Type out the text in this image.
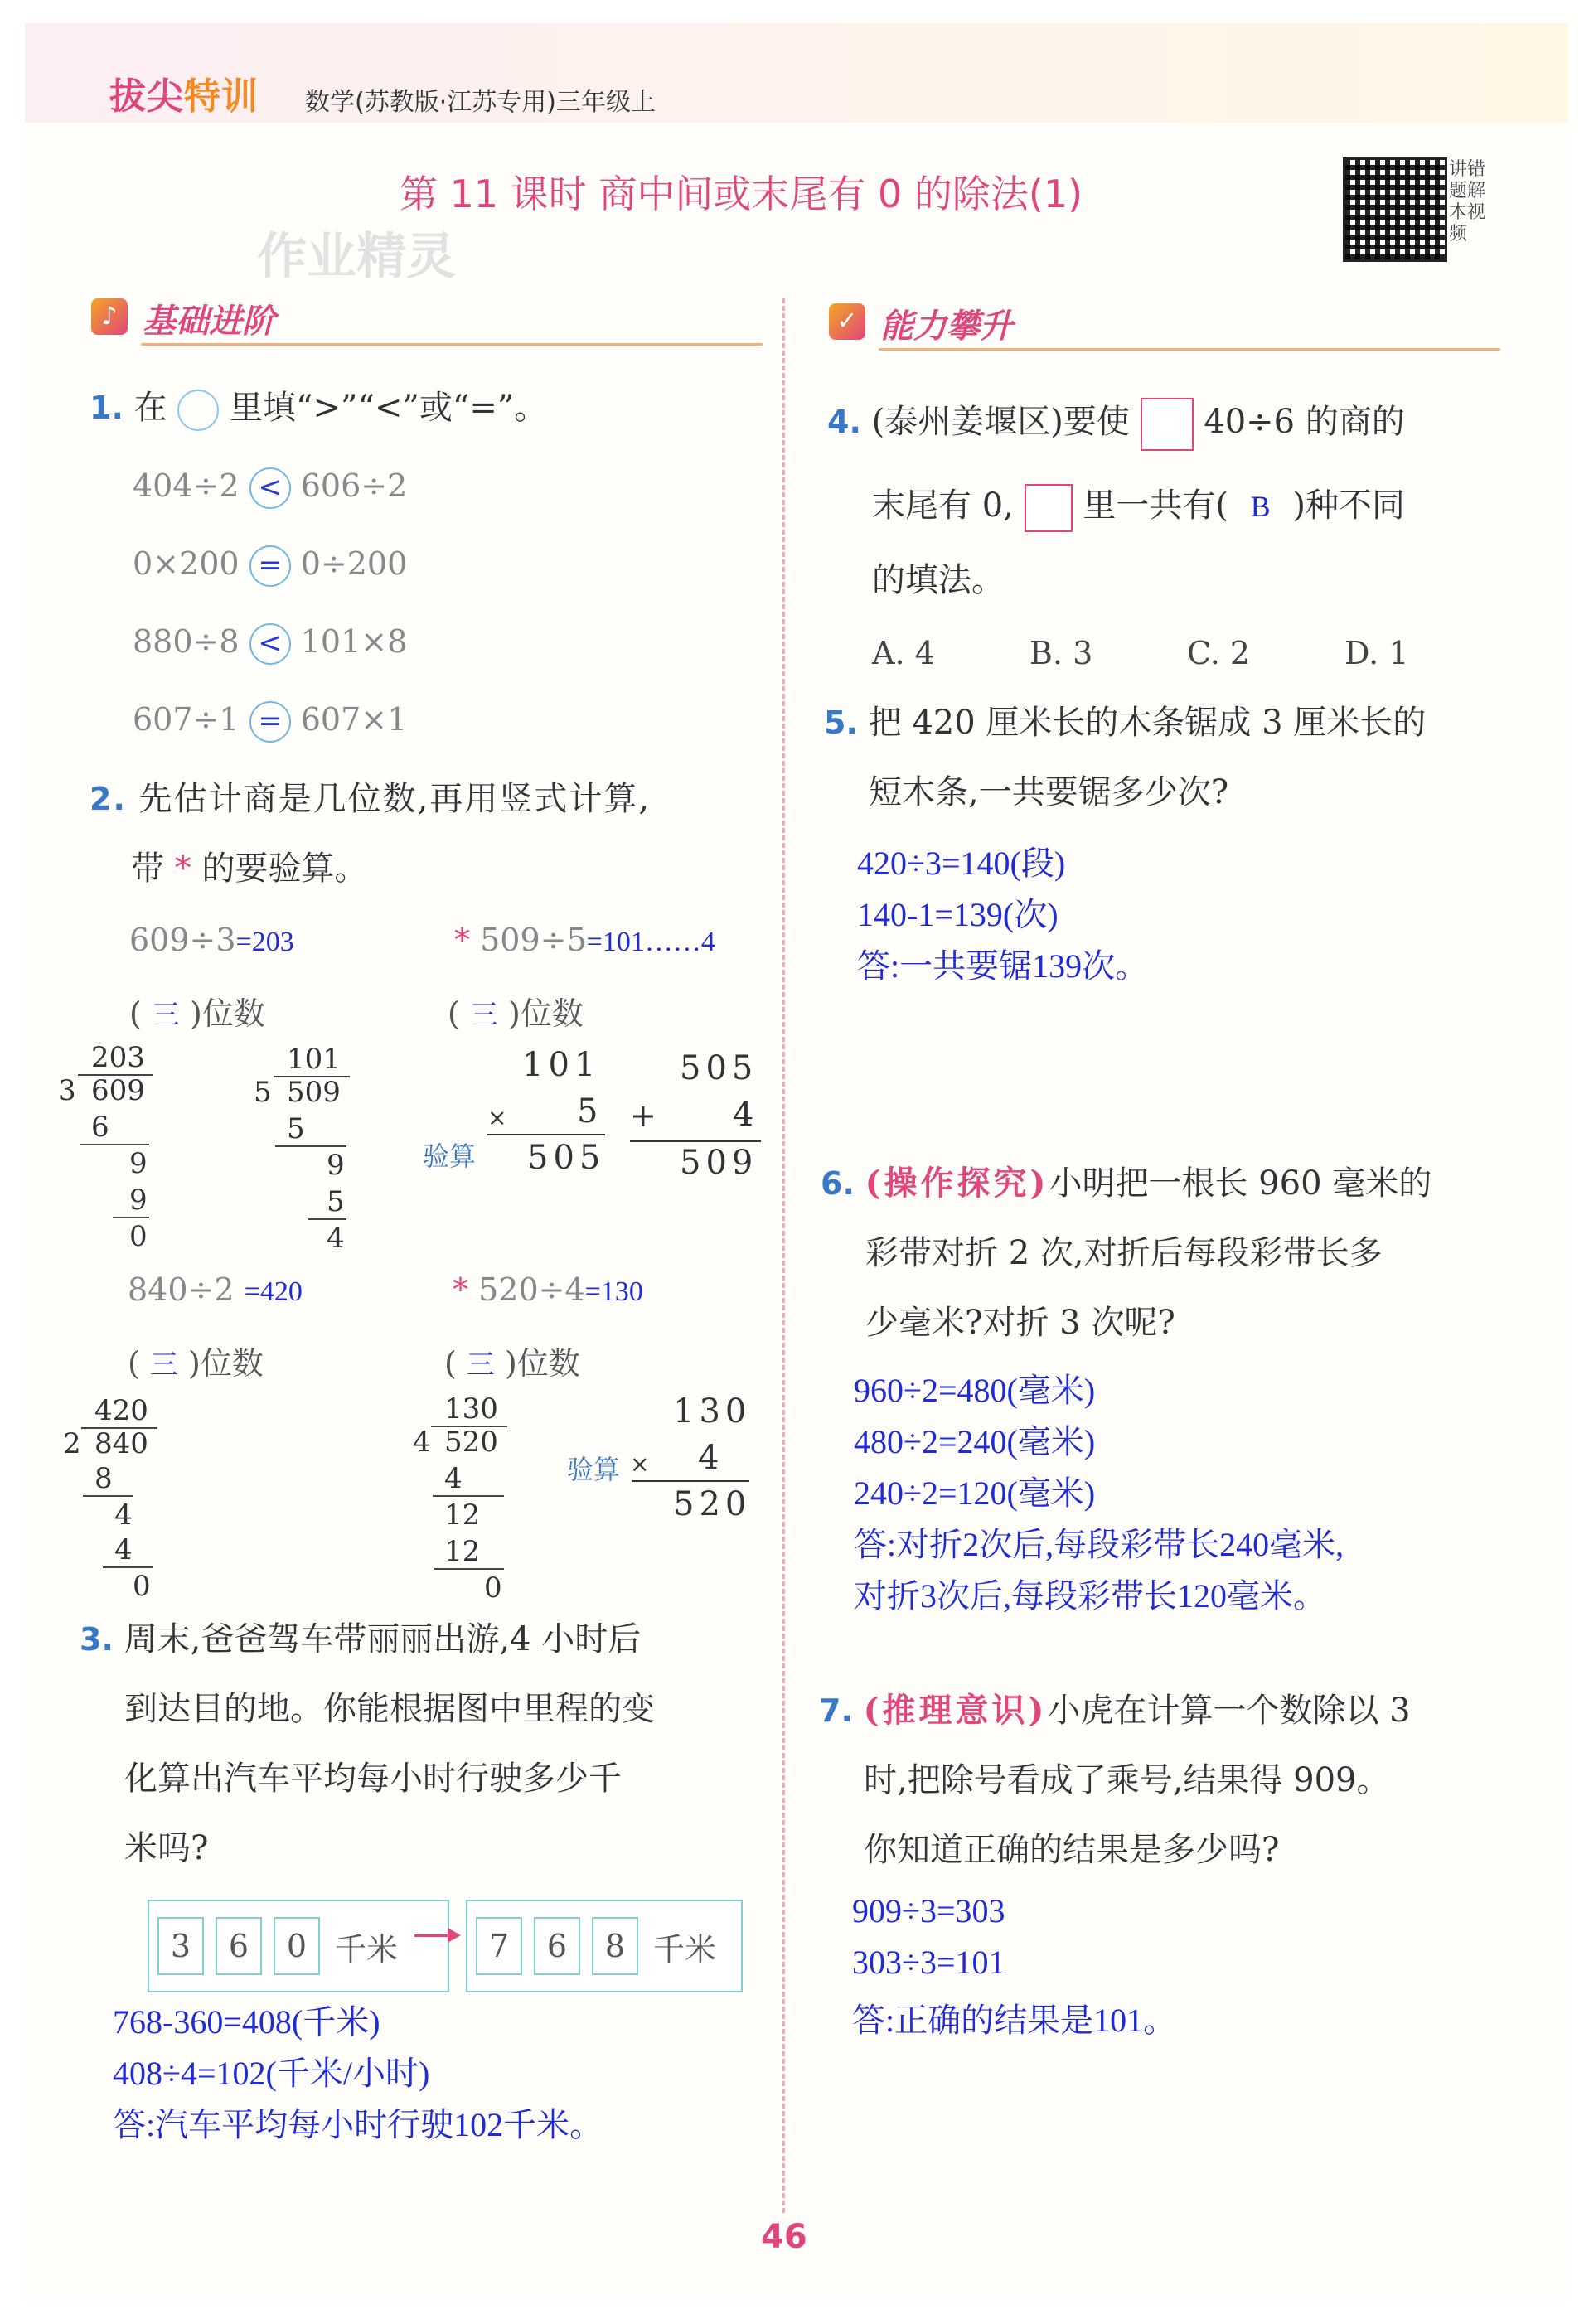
拔尖特训 数学(苏教版·江苏专用)三年级上
第 11 课时 商中间或末尾有 0 的除法(1)
讲错题解本视频
作业精灵
♪ 基础进阶	✓ 能力攀升
1. 在 里填“>”“<”或“=”。
404÷2 < 606÷2
0×200 = 0÷200
880÷8 < 101×8
607÷1 = 607×1
2. 先估计商是几位数,再用竖式计算,
带 * 的要验算。
609÷3=203	* 509÷5=101……4
( 三 )位数	( 三 )位数
203
3 609
6
9
9
0
101
5 509
5
9
5
4
验算
101
5
×
505
505
4
+
509
840÷2 =420	* 520÷4=130
( 三 )位数	( 三 )位数
420
2 840
8
4
4
0
130
4 520
4
12
12
0
验算
130
4
×
520
3. 周末,爸爸驾车带丽丽出游,4 小时后
到达目的地。你能根据图中里程的变
化算出汽车平均每小时行驶多少千
米吗?
3	6	0 千米	7	6	8 千米
768-360=408(千米)
408÷4=102(千米/小时)
答:汽车平均每小时行驶102千米。
4. (泰州姜堰区)要使 40÷6 的商的
末尾有 0, 里一共有( B )种不同
的填法。
A. 4	B. 3	C. 2	D. 1
5. 把 420 厘米长的木条锯成 3 厘米长的
短木条,一共要锯多少次?
420÷3=140(段)
140-1=139(次)
答:一共要锯139次。
6. (操作探究)小明把一根长 960 毫米的
彩带对折 2 次,对折后每段彩带长多
少毫米?对折 3 次呢?
960÷2=480(毫米)
480÷2=240(毫米)
240÷2=120(毫米)
答:对折2次后,每段彩带长240毫米,
对折3次后,每段彩带长120毫米。
7. (推理意识)小虎在计算一个数除以 3
时,把除号看成了乘号,结果得 909。
你知道正确的结果是多少吗?
909÷3=303
303÷3=101
答:正确的结果是101。
46
